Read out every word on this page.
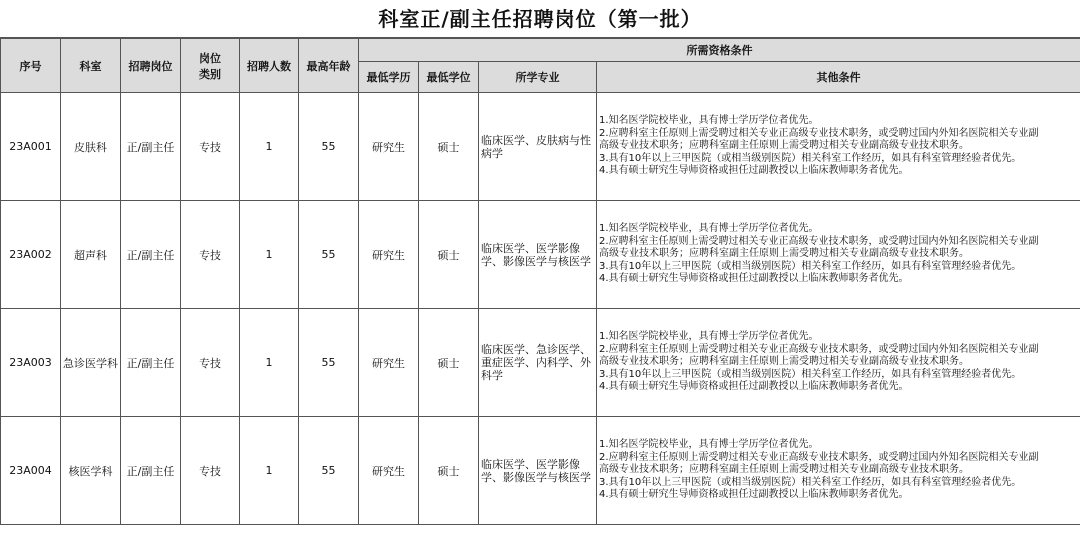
科室正/副主任招聘岗位（第一批）
序号	科室	招聘岗位	岗位
类别	招聘人数	最高年龄	所需资格条件			
						最低学历	最低学位	所学专业	其他条件
23A001	皮肤科	正/副主任	专技	1	55	研究生	硕士	临床医学、皮肤病与性病学	1.知名医学院校毕业，具有博士学历学位者优先。
2.应聘科室主任原则上需受聘过相关专业正高级专业技术职务，或受聘过国内外知名医院相关专业副
高级专业技术职务；应聘科室副主任原则上需受聘过相关专业副高级专业技术职务。
3.具有10年以上三甲医院（或相当级别医院）相关科室工作经历，如具有科室管理经验者优先。
4.具有硕士研究生导师资格或担任过副教授以上临床教师职务者优先。

23A002	超声科	正/副主任	专技	1	55	研究生	硕士	临床医学、医学影像学、影像医学与核医学	1.知名医学院校毕业，具有博士学历学位者优先。
2.应聘科室主任原则上需受聘过相关专业正高级专业技术职务，或受聘过国内外知名医院相关专业副
高级专业技术职务；应聘科室副主任原则上需受聘过相关专业副高级专业技术职务。
3.具有10年以上三甲医院（或相当级别医院）相关科室工作经历，如具有科室管理经验者优先。
4.具有硕士研究生导师资格或担任过副教授以上临床教师职务者优先。

23A003	急诊医学科	正/副主任	专技	1	55	研究生	硕士	临床医学、急诊医学、重症医学、内科学、外科学	1.知名医学院校毕业，具有博士学历学位者优先。
2.应聘科室主任原则上需受聘过相关专业正高级专业技术职务，或受聘过国内外知名医院相关专业副
高级专业技术职务；应聘科室副主任原则上需受聘过相关专业副高级专业技术职务。
3.具有10年以上三甲医院（或相当级别医院）相关科室工作经历，如具有科室管理经验者优先。
4.具有硕士研究生导师资格或担任过副教授以上临床教师职务者优先。

23A004	核医学科	正/副主任	专技	1	55	研究生	硕士	临床医学、医学影像学、影像医学与核医学	1.知名医学院校毕业，具有博士学历学位者优先。
2.应聘科室主任原则上需受聘过相关专业正高级专业技术职务，或受聘过国内外知名医院相关专业副
高级专业技术职务；应聘科室副主任原则上需受聘过相关专业副高级专业技术职务。
3.具有10年以上三甲医院（或相当级别医院）相关科室工作经历，如具有科室管理经验者优先。
4.具有硕士研究生导师资格或担任过副教授以上临床教师职务者优先。
